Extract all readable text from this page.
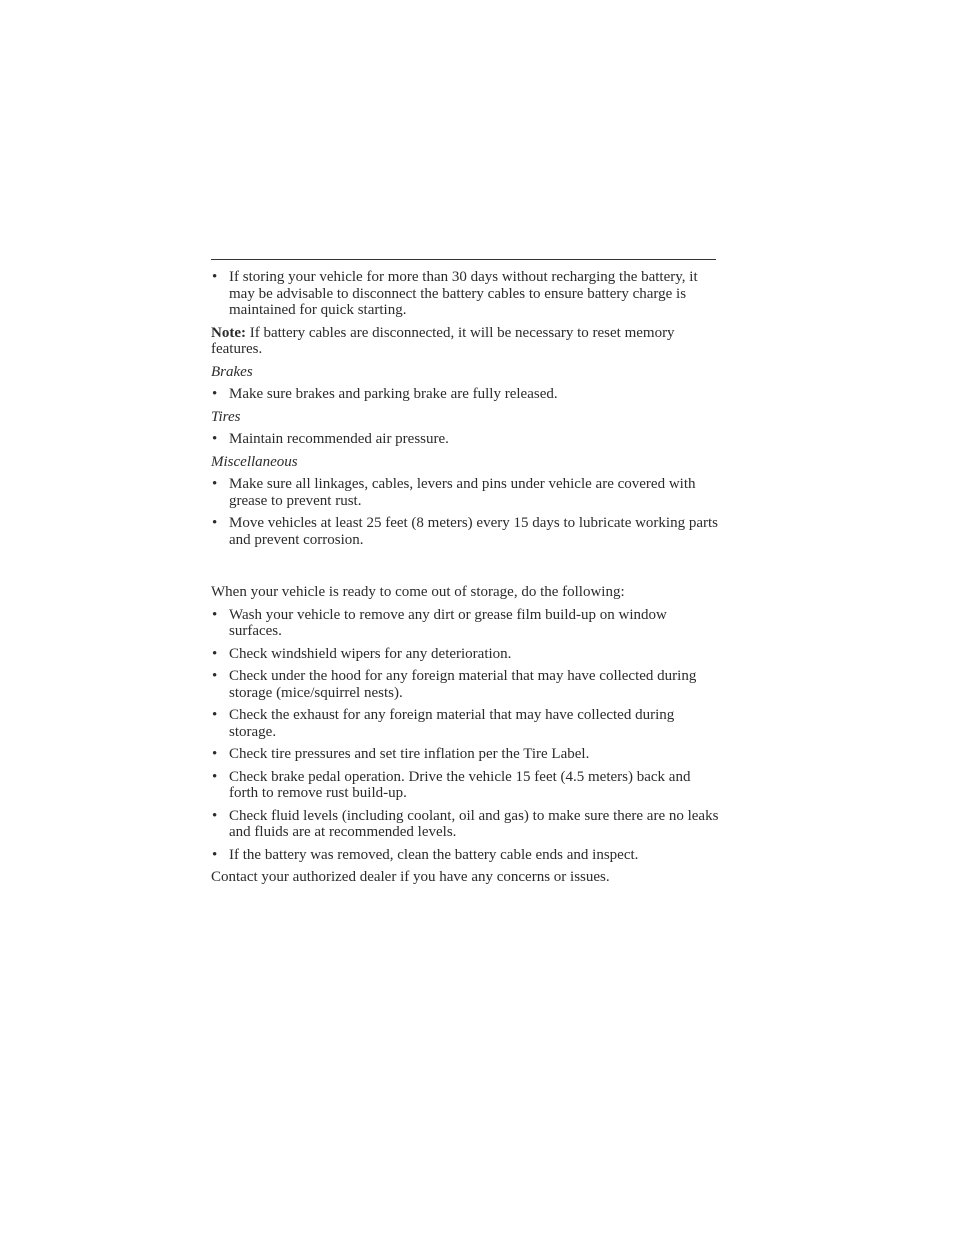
• If storing your vehicle for more than 30 days without recharging the battery, it may be advisable to disconnect the battery cables to ensure battery charge is maintained for quick starting.

Note: If battery cables are disconnected, it will be necessary to reset memory features.

Brakes
• Make sure brakes and parking brake are fully released.
Tires
• Maintain recommended air pressure.
Miscellaneous
• Make sure all linkages, cables, levers and pins under vehicle are covered with grease to prevent rust.
• Move vehicles at least 25 feet (8 meters) every 15 days to lubricate working parts and prevent corrosion.

When your vehicle is ready to come out of storage, do the following:

• Wash your vehicle to remove any dirt or grease film build-up on window surfaces.
• Check windshield wipers for any deterioration.
• Check under the hood for any foreign material that may have collected during storage (mice/squirrel nests).
• Check the exhaust for any foreign material that may have collected during storage.
• Check tire pressures and set tire inflation per the Tire Label.
• Check brake pedal operation. Drive the vehicle 15 feet (4.5 meters) back and forth to remove rust build-up.
• Check fluid levels (including coolant, oil and gas) to make sure there are no leaks and fluids are at recommended levels.
• If the battery was removed, clean the battery cable ends and inspect.

Contact your authorized dealer if you have any concerns or issues.
